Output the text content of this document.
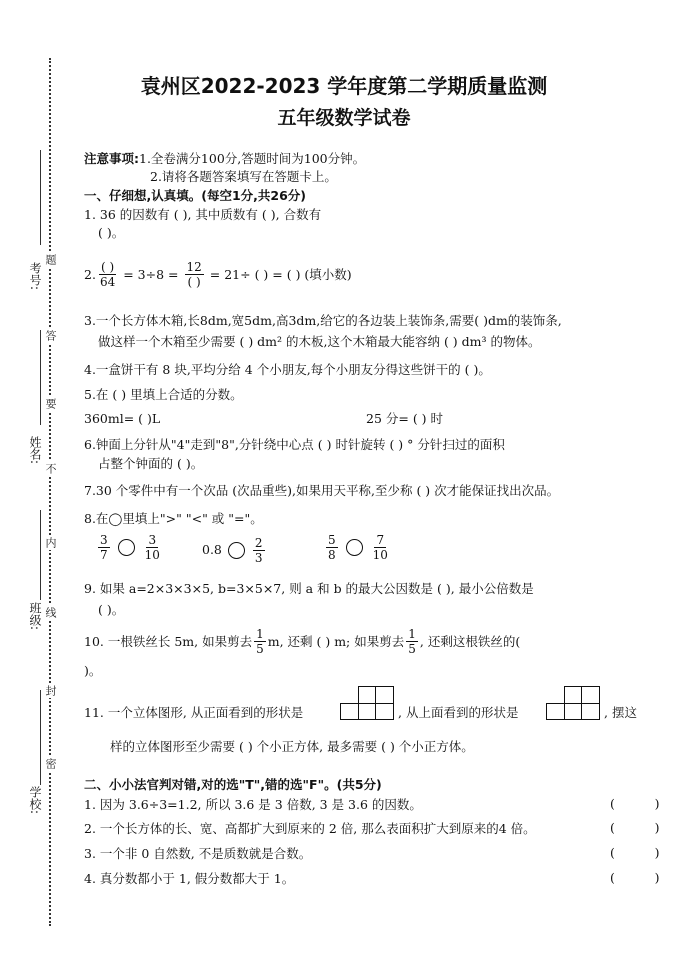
考号:
姓名:
班级:
学校:
题
答
要
不
内
线
封
密
袁州区2022-2023 学年度第二学期质量监测
五年级数学试卷
注意事项:1.全卷满分100分,答题时间为100分钟。
2.请将各题答案填写在答题卡上。
一、仔细想,认真填。(每空1分,共26分)
1. 36 的因数有 ( ), 其中质数有 ( ), 合数有
( )。
2. $\frac{( )}{64} = 3\div 8 = \frac{12}{( )} = 21\div$ ( ) = ( ) (填小数)
3.一个长方体木箱,长8dm,宽5dm,高3dm,给它的各边装上装饰条,需要( )dm的装饰条,
做这样一个木箱至少需要 ( ) dm² 的木板,这个木箱最大能容纳 ( ) dm³ 的物体。
4.一盒饼干有 8 块,平均分给 4 个小朋友,每个小朋友分得这些饼干的 ( )。
5.在 ( ) 里填上合适的分数。
360ml= ( )L	25 分= ( ) 时
6.钟面上分针从"4"走到"8",分针绕中心点 ( ) 时针旋转 ( ) ° 分针扫过的面积
占整个钟面的 ( )。
7.30 个零件中有一个次品 (次品重些),如果用天平称,至少称 ( ) 次才能保证找出次品。
8.在◯里填上">" "<" 或 "="。
$\frac{3}{7}$	$\frac{3}{10}$	0.8	$\frac{2}{3}$	$\frac{5}{8}$	$\frac{7}{10}$
9. 如果 a=2×3×3×5, b=3×5×7, 则 a 和 b 的最大公因数是 ( ), 最小公倍数是
( )。
10. 一根铁丝长 5m, 如果剪去 $\frac{1}{5} m$, 还剩 ( ) m; 如果剪去 $\frac{1}{5}$ , 还剩这根铁丝的(
)。
11. 一个立体图形, 从正面看到的形状是	, 从上面看到的形状是	, 摆这
样的立体图形至少需要 ( ) 个小正方体, 最多需要 ( ) 个小正方体。
二、小小法官判对错,对的选"T",错的选"F"。(共5分)
1. 因为 3.6÷3=1.2, 所以 3.6 是 3 倍数, 3 是 3.6 的因数。	(          )
2. 一个长方体的长、宽、高都扩大到原来的 2 倍, 那么表面积扩大到原来的4 倍。	(          )
3. 一个非 0 自然数, 不是质数就是合数。	(          )
4. 真分数都小于 1, 假分数都大于 1。	(          )
